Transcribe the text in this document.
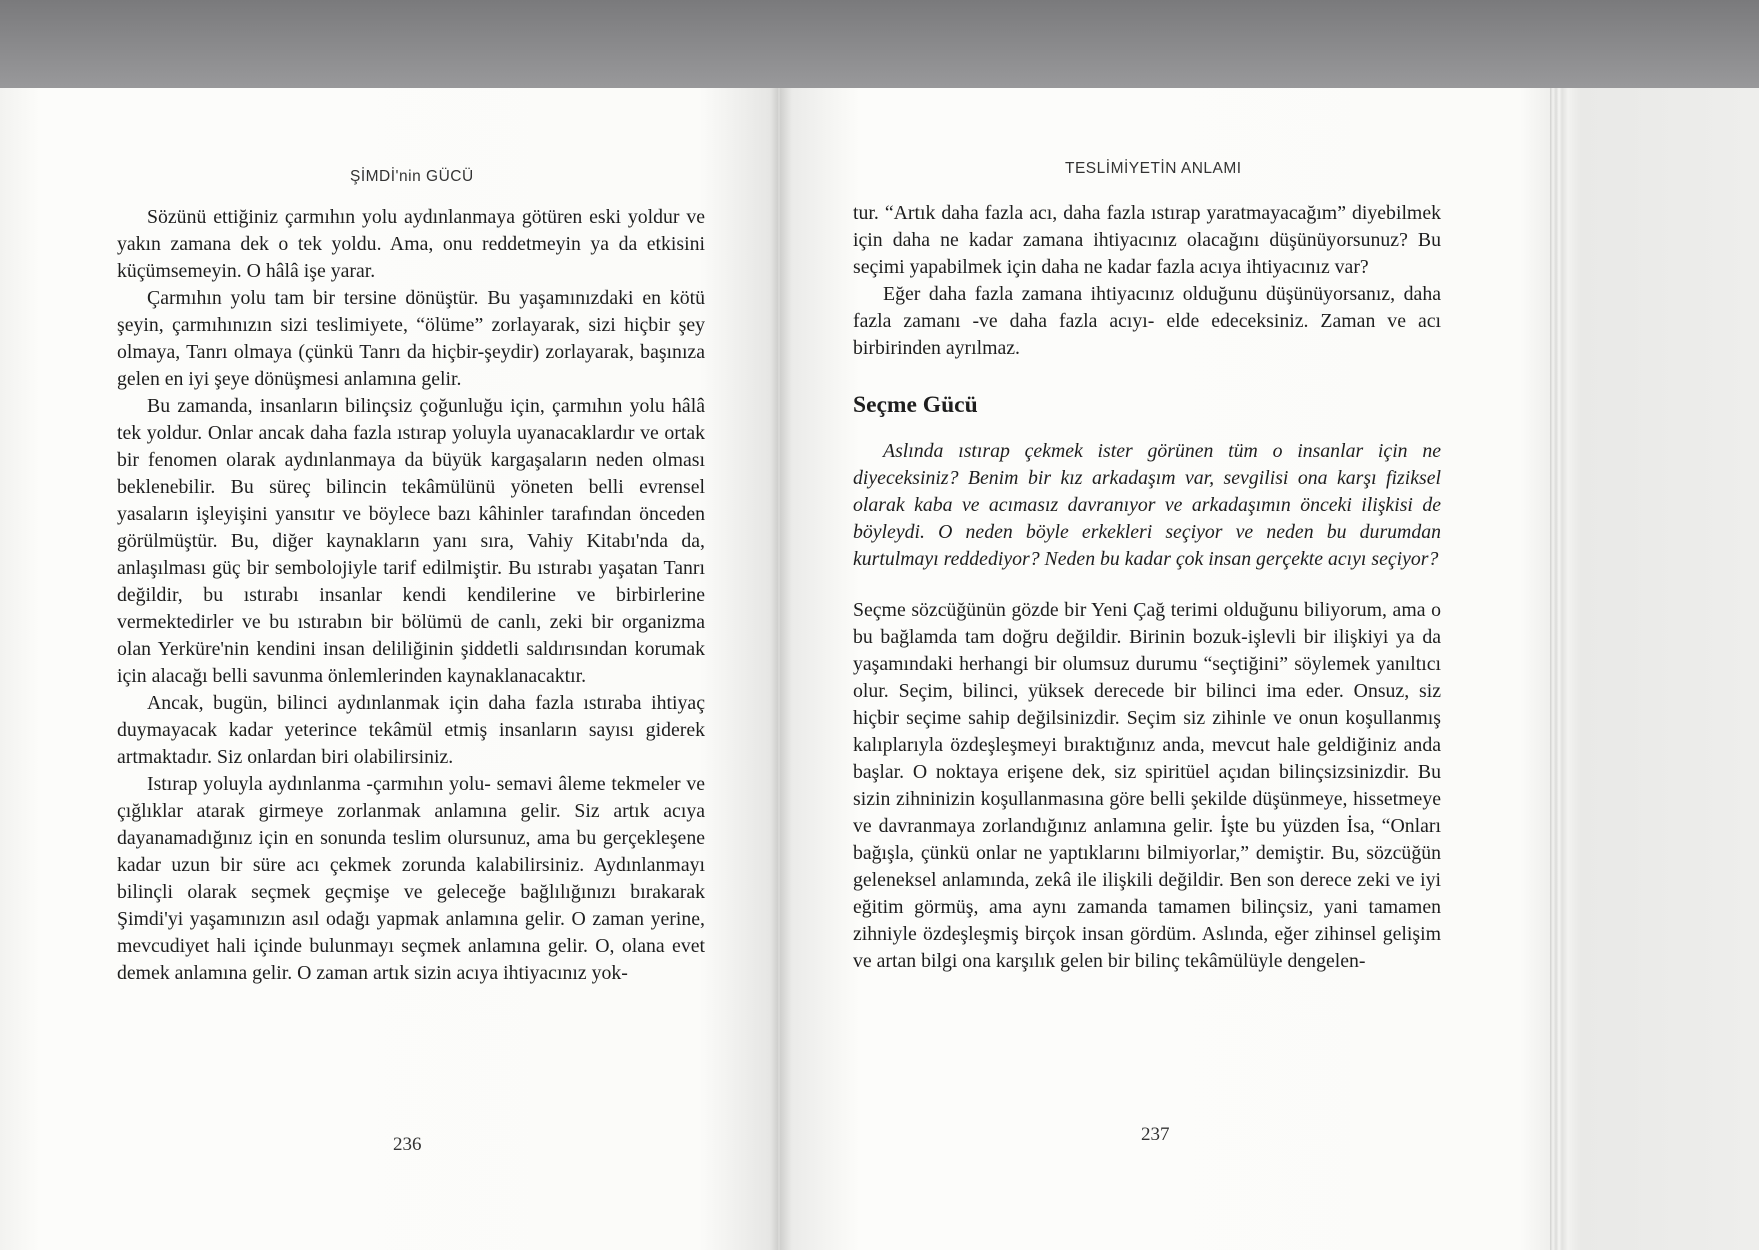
ŞİMDİ'nin GÜCÜ

Sözünü ettiğiniz çarmıhın yolu aydınlanmaya götüren eski yoldur ve yakın zamana dek o tek yoldu. Ama, onu reddetmeyin ya da etkisini küçümsemeyin. O hâlâ işe yarar.

Çarmıhın yolu tam bir tersine dönüştür. Bu yaşamınızdaki en kötü şeyin, çarmıhınızın sizi teslimiyete, “ölüme” zorlayarak, sizi hiçbir şey olmaya, Tanrı olmaya (çünkü Tanrı da hiçbir-şeydir) zorlayarak, başınıza gelen en iyi şeye dönüşmesi anlamına gelir.

Bu zamanda, insanların bilinçsiz çoğunluğu için, çarmıhın yolu hâlâ tek yoldur. Onlar ancak daha fazla ıstırap yoluyla uyanacaklardır ve ortak bir fenomen olarak aydınlanmaya da büyük kargaşaların neden olması beklenebilir. Bu süreç bilincin tekâmülünü yöneten belli evrensel yasaların işleyişini yansıtır ve böylece bazı kâhinler tarafından önceden görülmüştür. Bu, diğer kaynakların yanı sıra, Vahiy Kitabı'nda da, anlaşılması güç bir sembolojiyle tarif edilmiştir. Bu ıstırabı yaşatan Tanrı değildir, bu ıstırabı insanlar kendi kendilerine ve birbirlerine vermektedirler ve bu ıstırabın bir bölümü de canlı, zeki bir organizma olan Yerküre'nin kendini insan deliliğinin şiddetli saldırısından korumak için alacağı belli savunma önlemlerinden kaynaklanacaktır.

Ancak, bugün, bilinci aydınlanmak için daha fazla ıstıraba ihtiyaç duymayacak kadar yeterince tekâmül etmiş insanların sayısı giderek artmaktadır. Siz onlardan biri olabilirsiniz.

Istırap yoluyla aydınlanma -çarmıhın yolu- semavi âleme tekmeler ve çığlıklar atarak girmeye zorlanmak anlamına gelir. Siz artık acıya dayanamadığınız için en sonunda teslim olursunuz, ama bu gerçekleşene kadar uzun bir süre acı çekmek zorunda kalabilirsiniz. Aydınlanmayı bilinçli olarak seçmek geçmişe ve geleceğe bağlılığınızı bırakarak Şimdi'yi yaşamınızın asıl odağı yapmak anlamına gelir. O zaman yerine, mevcudiyet hali içinde bulunmayı seçmek anlamına gelir. O, olana evet demek anlamına gelir. O zaman artık sizin acıya ihtiyacınız yok-

236
TESLİMİYETİN ANLAMI

tur. “Artık daha fazla acı, daha fazla ıstırap yaratmayacağım” diyebilmek için daha ne kadar zamana ihtiyacınız olacağını düşünüyorsunuz? Bu seçimi yapabilmek için daha ne kadar fazla acıya ihtiyacınız var?

Eğer daha fazla zamana ihtiyacınız olduğunu düşünüyorsanız, daha fazla zamanı -ve daha fazla acıyı- elde edeceksiniz. Zaman ve acı birbirinden ayrılmaz.

Seçme Gücü

Aslında ıstırap çekmek ister görünen tüm o insanlar için ne diyeceksiniz? Benim bir kız arkadaşım var, sevgilisi ona karşı fiziksel olarak kaba ve acımasız davranıyor ve arkadaşımın önceki ilişkisi de böyleydi. O neden böyle erkekleri seçiyor ve neden bu durumdan kurtulmayı reddediyor? Neden bu kadar çok insan gerçekte acıyı seçiyor?

Seçme sözcüğünün gözde bir Yeni Çağ terimi olduğunu biliyorum, ama o bu bağlamda tam doğru değildir. Birinin bozuk-işlevli bir ilişkiyi ya da yaşamındaki herhangi bir olumsuz durumu “seçtiğini” söylemek yanıltıcı olur. Seçim, bilinci, yüksek derecede bir bilinci ima eder. Onsuz, siz hiçbir seçime sahip değilsinizdir. Seçim siz zihinle ve onun koşullanmış kalıplarıyla özdeşleşmeyi bıraktığınız anda, mevcut hale geldiğiniz anda başlar. O noktaya erişene dek, siz spiritüel açıdan bilinçsizsinizdir. Bu sizin zihninizin koşullanmasına göre belli şekilde düşünmeye, hissetmeye ve davranmaya zorlandığınız anlamına gelir. İşte bu yüzden İsa, “Onları bağışla, çünkü onlar ne yaptıklarını bilmiyorlar,” demiştir. Bu, sözcüğün geleneksel anlamında, zekâ ile ilişkili değildir. Ben son derece zeki ve iyi eğitim görmüş, ama aynı zamanda tamamen bilinçsiz, yani tamamen zihniyle özdeşleşmiş birçok insan gördüm. Aslında, eğer zihinsel gelişim ve artan bilgi ona karşılık gelen bir bilinç tekâmülüyle dengelen-

237
